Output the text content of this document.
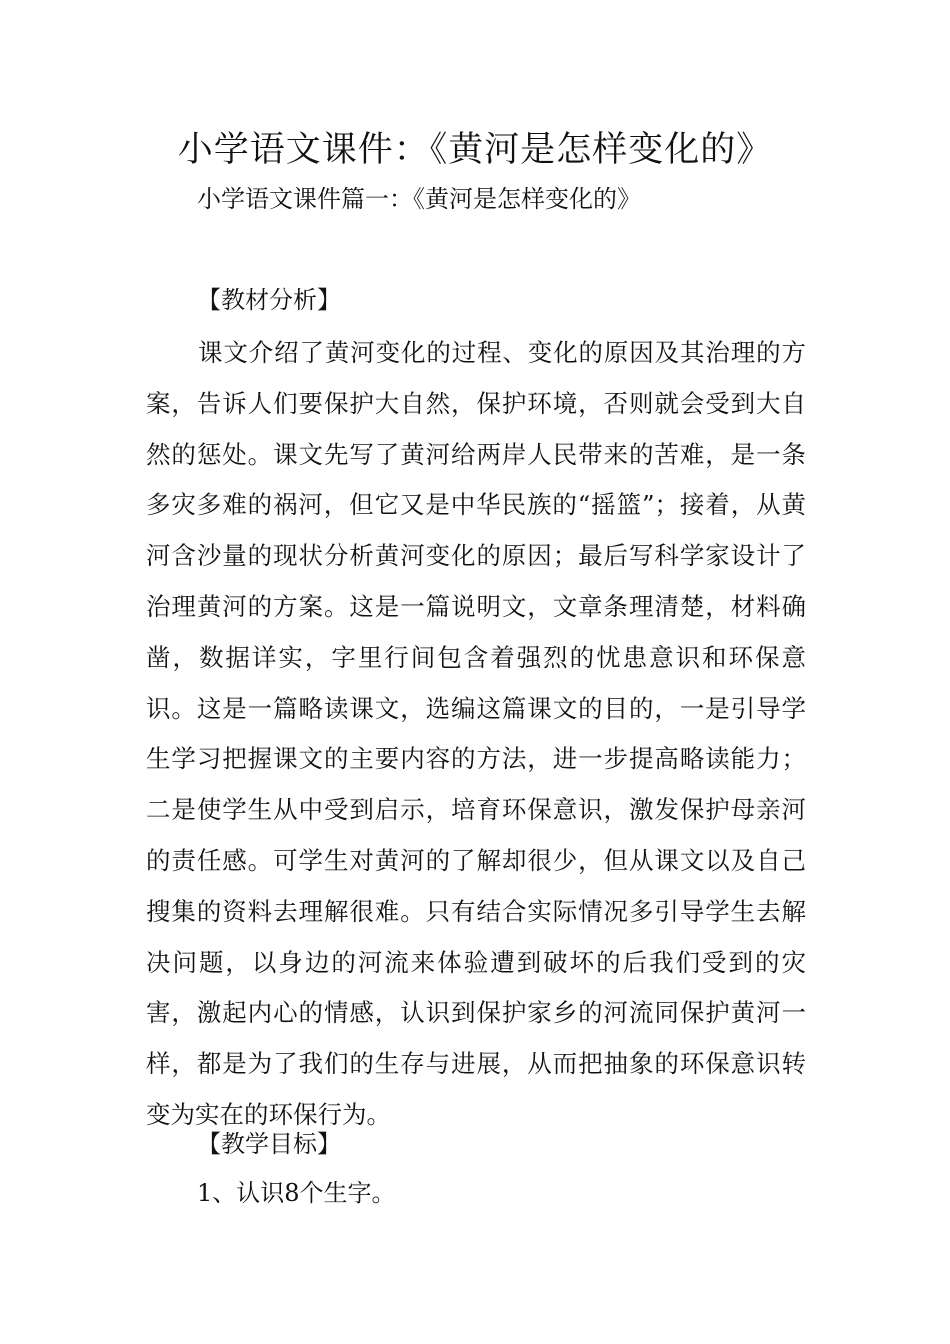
小学语文课件：《黄河是怎样变化的》

小学语文课件篇一：《黄河是怎样变化的》

【教材分析】

课文介绍了黄河变化的过程、变化的原因及其治理的方案，告诉人们要保护大自然，保护环境，否则就会受到大自然的惩处。课文先写了黄河给两岸人民带来的苦难，是一条多灾多难的祸河，但它又是中华民族的“摇篮”；接着，从黄河含沙量的现状分析黄河变化的原因；最后写科学家设计了治理黄河的方案。这是一篇说明文，文章条理清楚，材料确凿，数据详实，字里行间包含着强烈的忧患意识和环保意识。这是一篇略读课文，选编这篇课文的目的，一是引导学生学习把握课文的主要内容的方法，进一步提高略读能力；二是使学生从中受到启示，培育环保意识，激发保护母亲河的责任感。可学生对黄河的了解却很少，但从课文以及自己搜集的资料去理解很难。只有结合实际情况多引导学生去解决问题，以身边的河流来体验遭到破坏的后我们受到的灾害，激起内心的情感，认识到保护家乡的河流同保护黄河一样，都是为了我们的生存与进展，从而把抽象的环保意识转变为实在的环保行为。

【教学目标】

1、认识8个生字。
